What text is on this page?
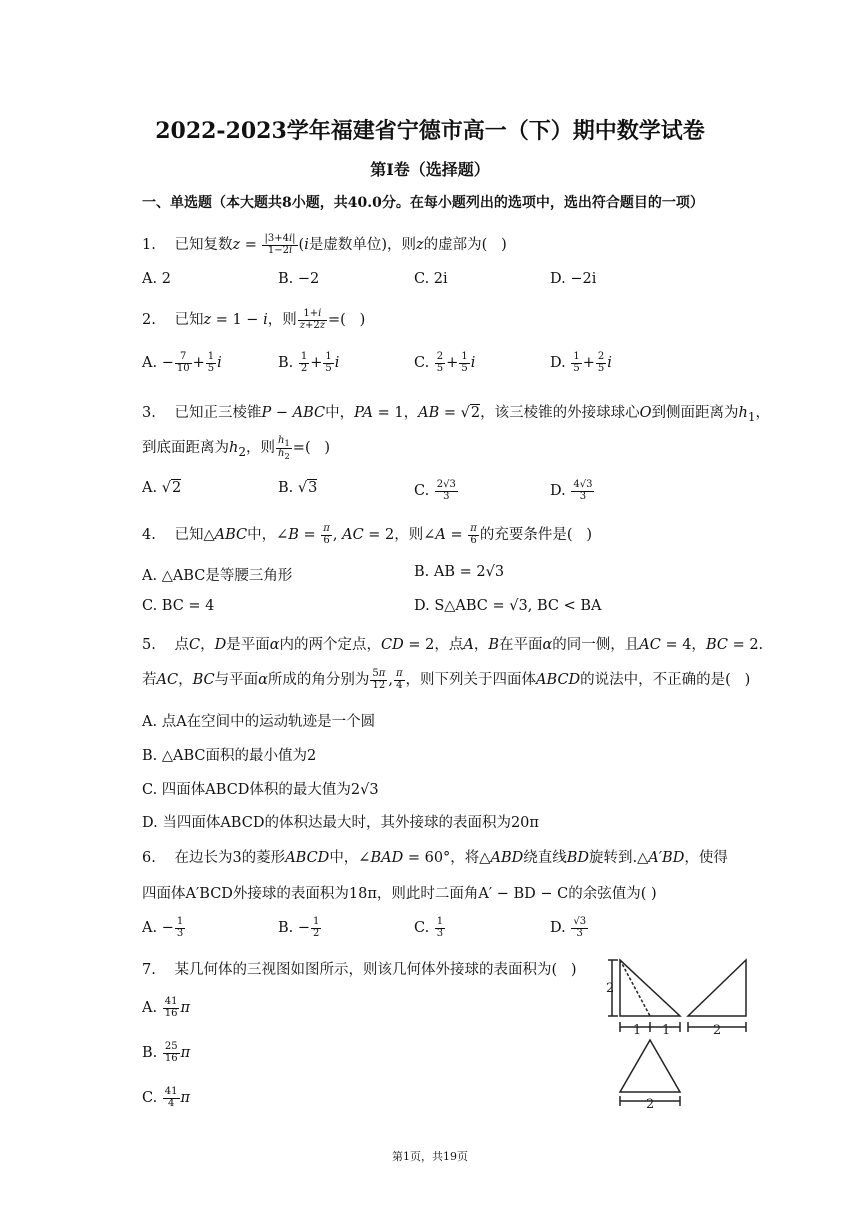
2022-2023学年福建省宁德市高一（下）期中数学试卷
第I卷（选择题）
一、单选题（本大题共8小题，共40.0分。在每小题列出的选项中，选出符合题目的一项）
1. 已知复数$z = \frac{|3+4i|}{1-2i} (i$是虚数单位)，则z的虚部为(   )
A. 2	B. −2	C. 2i	D. −2i
2. 已知z = 1 − i，则 $\frac{1+i}{z+2z̄}$ =(   )
A. − $\frac{7}{10} + \frac{1}{5}$ i	B. $\frac{1}{2} + \frac{1}{5}$ i	C. $\frac{2}{5} + \frac{1}{5}$ i	D. $\frac{1}{5} + \frac{2}{5}$ i
3. 已知正三棱锥P − ABC中，PA = 1，AB = √2，该三棱锥的外接球球心O到侧面距离为$h_1$，
到底面距离为$h_2$，则 $\frac{h_1}{h_2}$ =(   )
A. √2	B. √3	C. $\frac{2√3}{3}$	D. $\frac{4√3}{3}$
4. 已知△ABC中，∠B = $\frac{\pi}{6}$ , AC = 2，则∠A = $\frac{\pi}{6}$ 的充要条件是(   )
A. △ABC是等腰三角形	B. AB = 2√3
C. BC = 4	D. S△ABC = √3, BC < BA
5. 点C，D是平面α内的两个定点，CD = 2，点A，B在平面α的同一侧，且AC = 4，BC = 2.
若AC，BC与平面α所成的角分别为 $\frac{5\pi}{12}$ , $\frac{\pi}{4}$ ，则下列关于四面体ABCD的说法中，不正确的是(   )
A. 点A在空间中的运动轨迹是一个圆
B. △ABC面积的最小值为2
C. 四面体ABCD体积的最大值为2√3
D. 当四面体ABCD的体积达最大时，其外接球的表面积为20π
6. 在边长为3的菱形ABCD中，∠BAD = 60°，将△ABD绕直线BD旋转到.△A′BD，使得
四面体A′BCD外接球的表面积为18π，则此时二面角A′ − BD − C的余弦值为( )
A. − $\frac{1}{3}$	B. − $\frac{1}{2}$	C. $\frac{1}{3}$	D. $\frac{√3}{3}$
7. 某几何体的三视图如图所示，则该几何体外接球的表面积为(   )
A. $\frac{41}{16}$ π
B. $\frac{25}{16}$ π
C. $\frac{41}{4}$ π
2
1 1	2
2
第1页，共19页
